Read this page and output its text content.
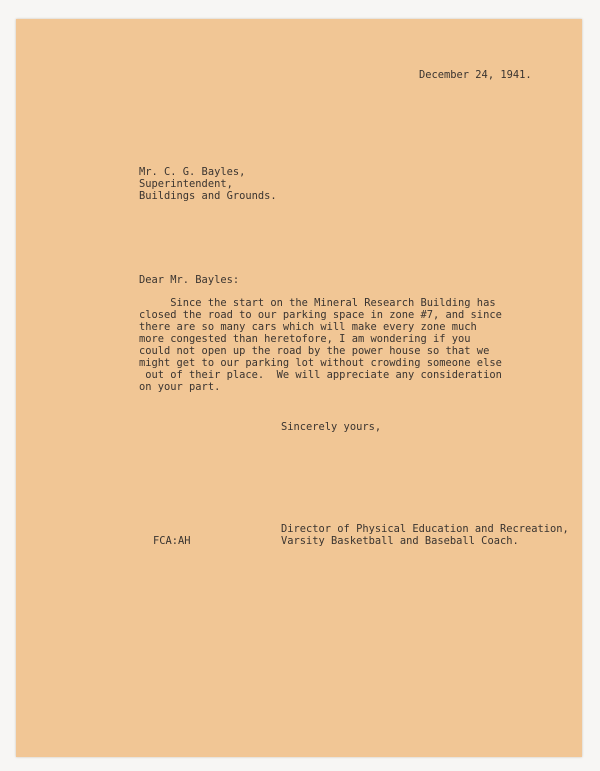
December 24, 1941.
Mr. C. G. Bayles,
Superintendent,
Buildings and Grounds.
Dear Mr. Bayles:
Since the start on the Mineral Research Building has
closed the road to our parking space in zone #7, and since
there are so many cars which will make every zone much
more congested than heretofore, I am wondering if you
could not open up the road by the power house so that we
might get to our parking lot without crowding someone else
out of their place.  We will appreciate any consideration
on your part.
Sincerely yours,
Director of Physical Education and Recreation,
Varsity Basketball and Baseball Coach.
FCA:AH
